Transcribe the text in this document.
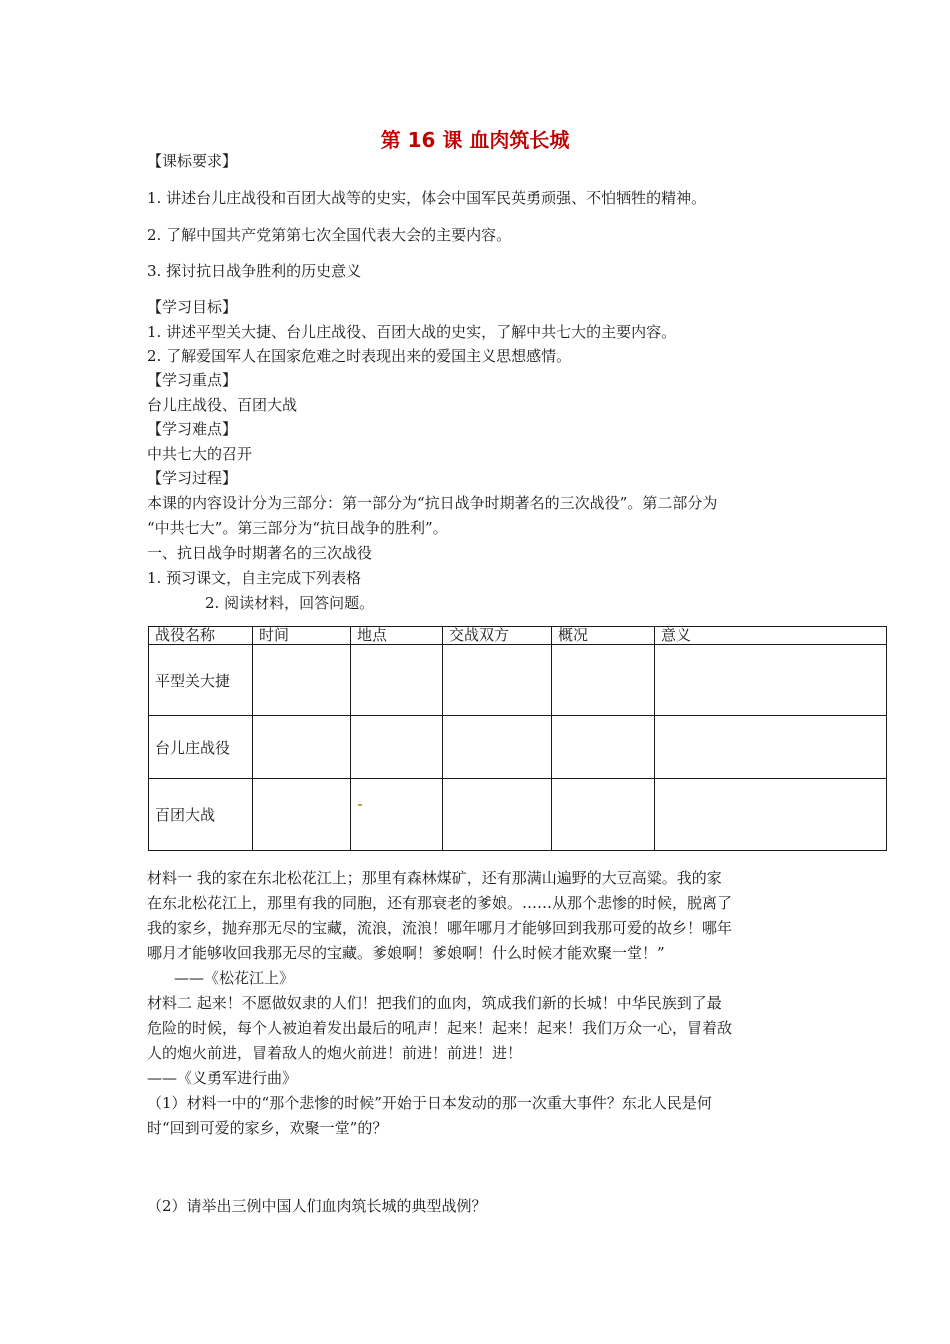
第 16 课 血肉筑长城
【课标要求】
1. 讲述台儿庄战役和百团大战等的史实，体会中国军民英勇顽强、不怕牺牲的精神。
2. 了解中国共产党第第七次全国代表大会的主要内容。
3. 探讨抗日战争胜利的历史意义
【学习目标】
1. 讲述平型关大捷、台儿庄战役、百团大战的史实，了解中共七大的主要内容。
2. 了解爱国军人在国家危难之时表现出来的爱国主义思想感情。
【学习重点】
台儿庄战役、百团大战
【学习难点】
中共七大的召开
【学习过程】
本课的内容设计分为三部分：第一部分为“抗日战争时期著名的三次战役”。第二部分为
“中共七大”。第三部分为“抗日战争的胜利”。
一、抗日战争时期著名的三次战役
1. 预习课文，自主完成下列表格
2. 阅读材料，回答问题。
战役名称	时间	地点	交战双方	概况	意义
平型关大捷					
台儿庄战役					
百团大战					
材料一 我的家在东北松花江上；那里有森林煤矿，还有那满山遍野的大豆高粱。我的家
在东北松花江上，那里有我的同胞，还有那衰老的爹娘。……从那个悲惨的时候，脱离了
我的家乡，抛弃那无尽的宝藏，流浪，流浪！哪年哪月才能够回到我那可爱的故乡！哪年
哪月才能够收回我那无尽的宝藏。爹娘啊！爹娘啊！什么时候才能欢聚一堂！”
——《松花江上》
材料二 起来！不愿做奴隶的人们！把我们的血肉，筑成我们新的长城！中华民族到了最
危险的时候，每个人被迫着发出最后的吼声！起来！起来！起来！我们万众一心，冒着敌
人的炮火前进，冒着敌人的炮火前进！前进！前进！进！
——《义勇军进行曲》
（1）材料一中的“那个悲惨的时候”开始于日本发动的那一次重大事件？东北人民是何
时“回到可爱的家乡，欢聚一堂”的？
（2）请举出三例中国人们血肉筑长城的典型战例？
